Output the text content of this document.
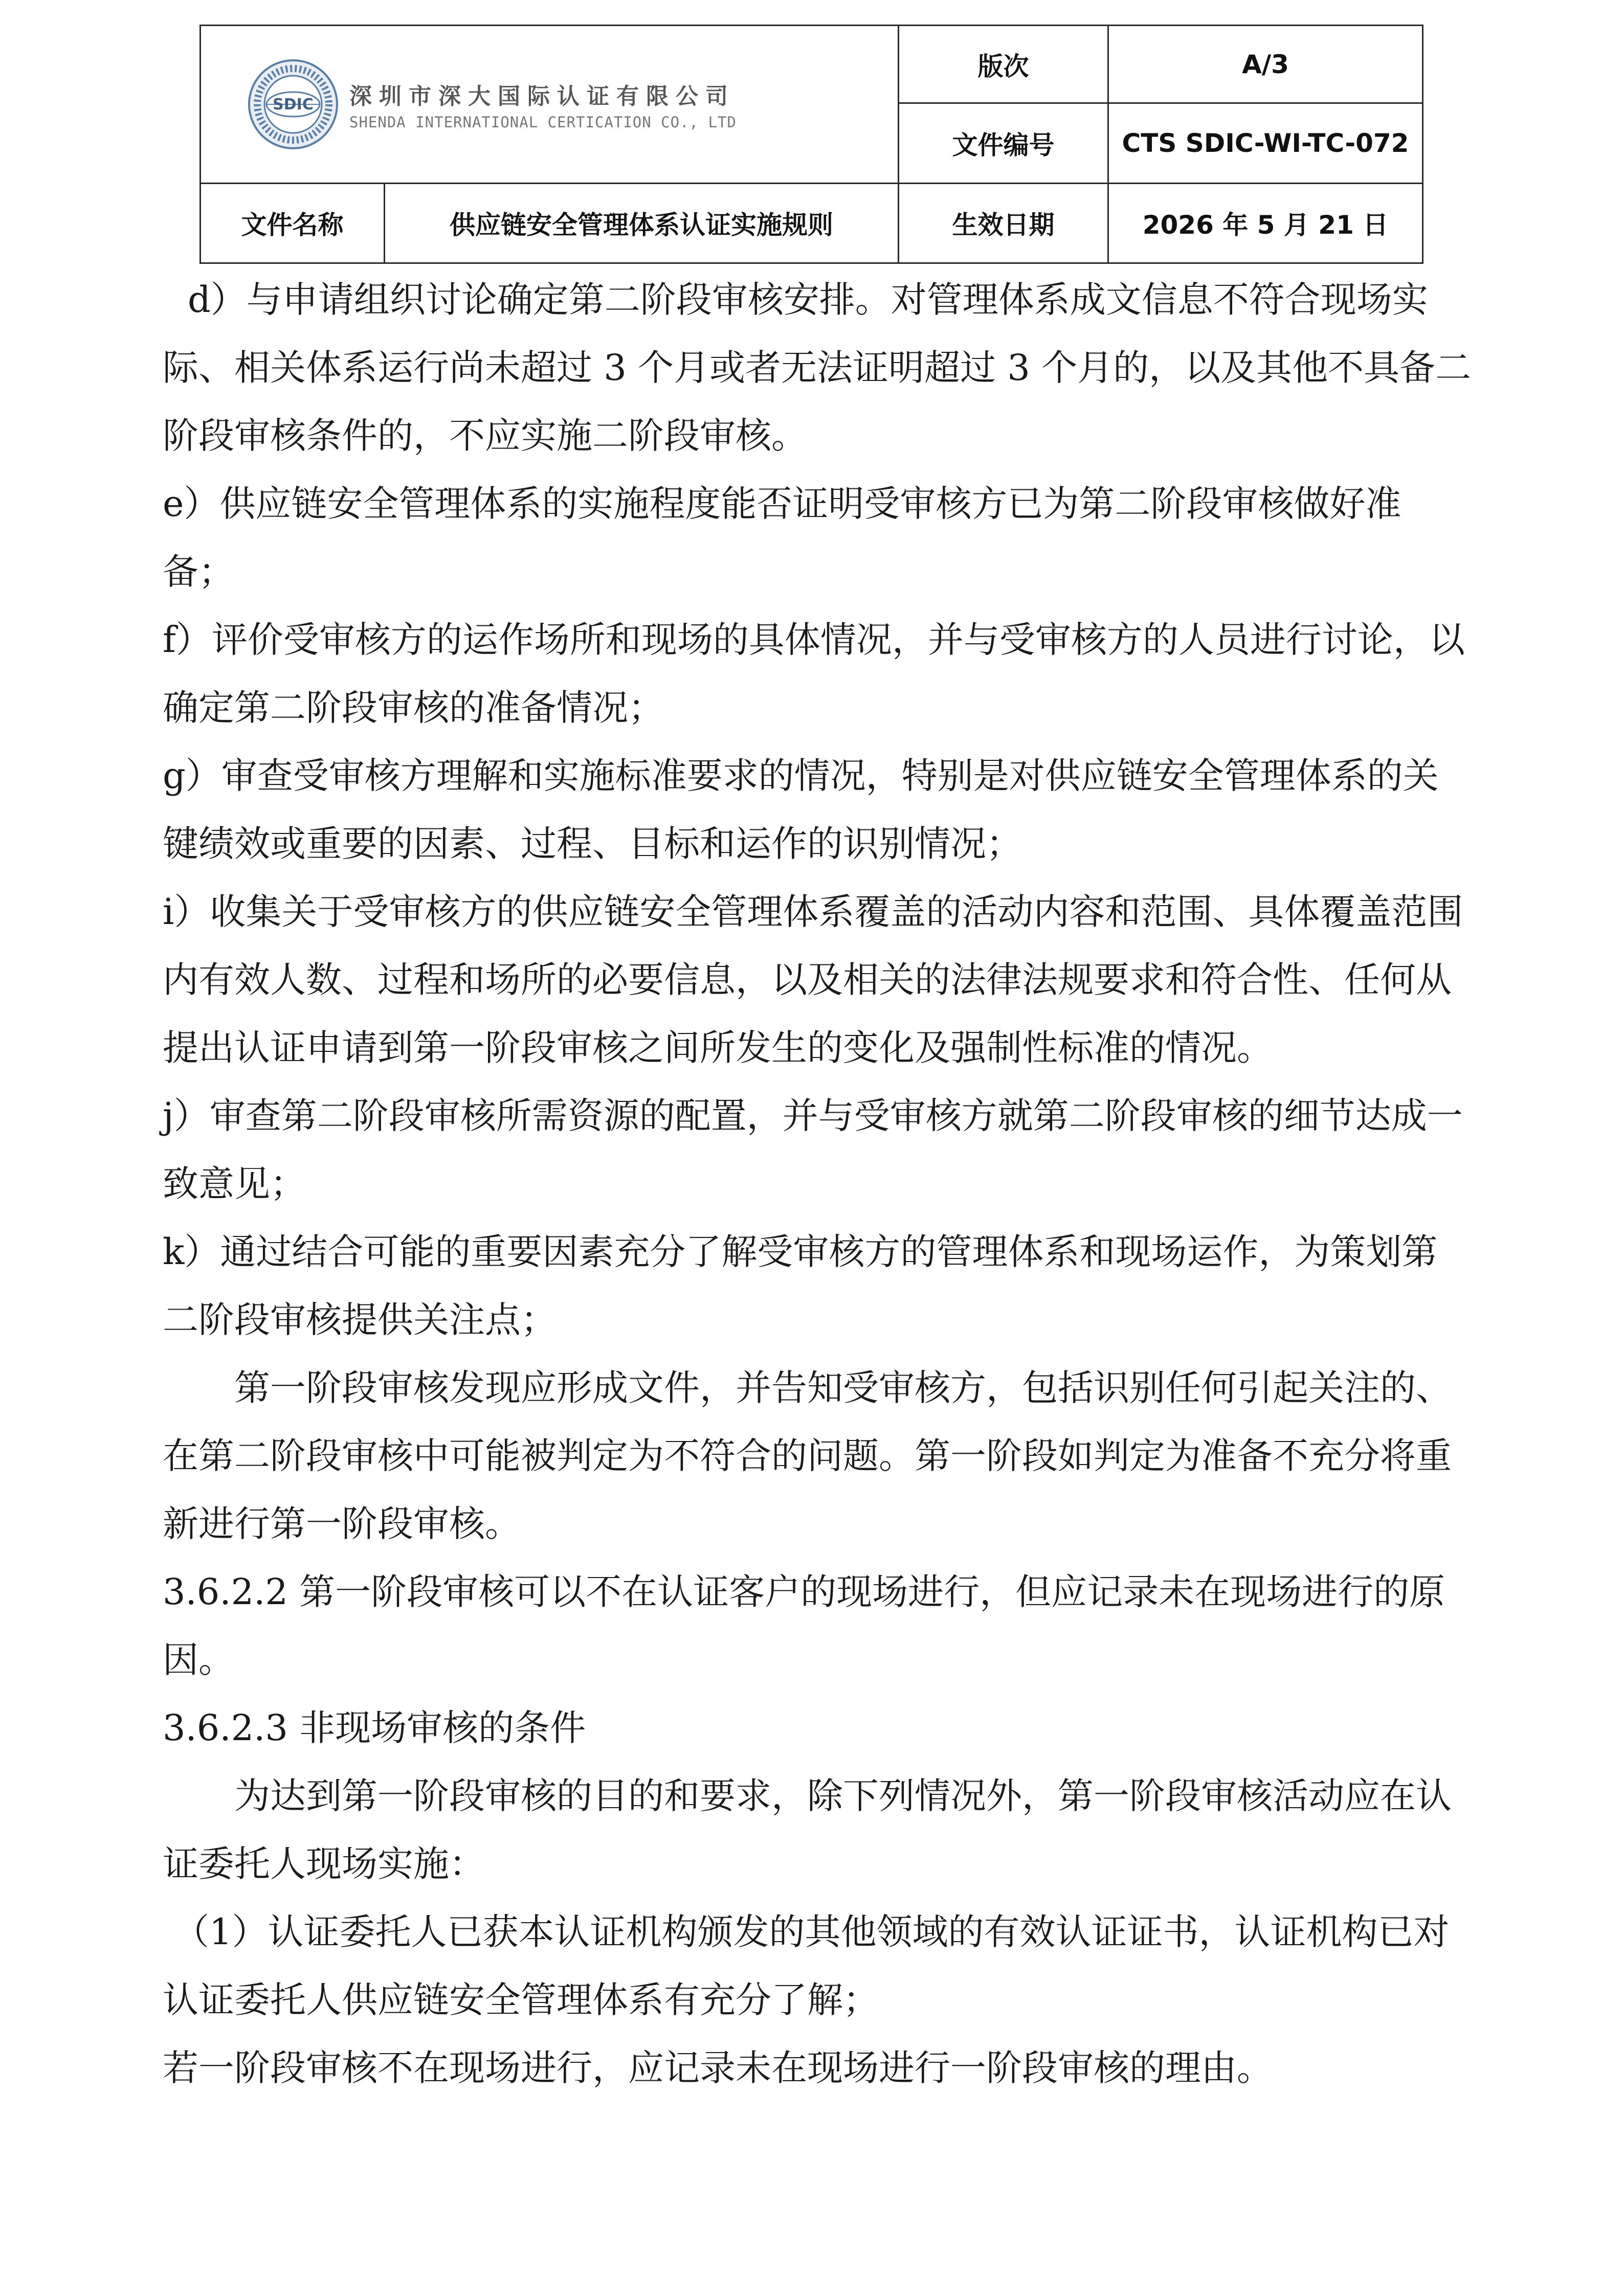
SDIC 深圳市深大国际认证有限公司
SHENDA INTERNATIONAL CERTICATION CO., LTD		版次	A/3
		文件编号	CTS SDIC-WI-TC-072
文件名称	供应链安全管理体系认证实施规则	生效日期	2026 年 5 月 21 日

d）与申请组织讨论确定第二阶段审核安排。对管理体系成文信息不符合现场实际、相关体系运行尚未超过 3 个月或者无法证明超过 3 个月的，以及其他不具备二阶段审核条件的，不应实施二阶段审核。

e）供应链安全管理体系的实施程度能否证明受审核方已为第二阶段审核做好准备；

f）评价受审核方的运作场所和现场的具体情况，并与受审核方的人员进行讨论，以确定第二阶段审核的准备情况；

g）审查受审核方理解和实施标准要求的情况，特别是对供应链安全管理体系的关键绩效或重要的因素、过程、目标和运作的识别情况；

i）收集关于受审核方的供应链安全管理体系覆盖的活动内容和范围、具体覆盖范围内有效人数、过程和场所的必要信息，以及相关的法律法规要求和符合性、任何从提出认证申请到第一阶段审核之间所发生的变化及强制性标准的情况。

j）审查第二阶段审核所需资源的配置，并与受审核方就第二阶段审核的细节达成一致意见；

k）通过结合可能的重要因素充分了解受审核方的管理体系和现场运作，为策划第二阶段审核提供关注点；

第一阶段审核发现应形成文件，并告知受审核方，包括识别任何引起关注的、在第二阶段审核中可能被判定为不符合的问题。第一阶段如判定为准备不充分将重新进行第一阶段审核。

3.6.2.2 第一阶段审核可以不在认证客户的现场进行，但应记录未在现场进行的原因。

3.6.2.3 非现场审核的条件

为达到第一阶段审核的目的和要求，除下列情况外，第一阶段审核活动应在认证委托人现场实施：

（1）认证委托人已获本认证机构颁发的其他领域的有效认证证书，认证机构已对认证委托人供应链安全管理体系有充分了解；

若一阶段审核不在现场进行，应记录未在现场进行一阶段审核的理由。
